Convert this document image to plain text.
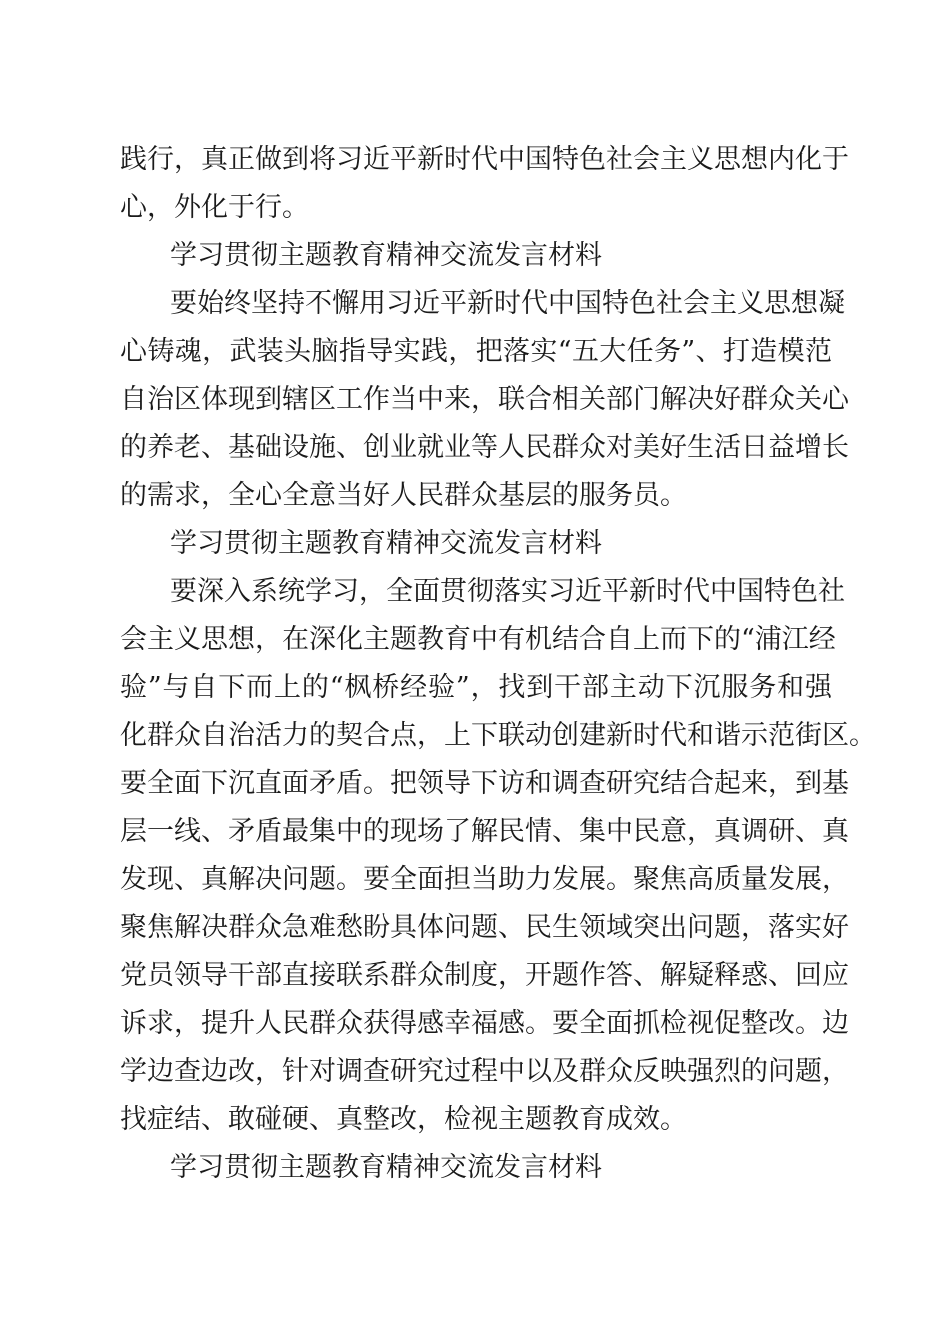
践行，真正做到将习近平新时代中国特色社会主义思想内化于

心，外化于行。

学习贯彻主题教育精神交流发言材料

要始终坚持不懈用习近平新时代中国特色社会主义思想凝

心铸魂，武装头脑指导实践，把落实“五大任务”、打造模范

自治区体现到辖区工作当中来，联合相关部门解决好群众关心

的养老、基础设施、创业就业等人民群众对美好生活日益增长

的需求，全心全意当好人民群众基层的服务员。

学习贯彻主题教育精神交流发言材料

要深入系统学习，全面贯彻落实习近平新时代中国特色社

会主义思想，在深化主题教育中有机结合自上而下的“浦江经

验”与自下而上的“枫桥经验”，找到干部主动下沉服务和强

化群众自治活力的契合点，上下联动创建新时代和谐示范街区。

要全面下沉直面矛盾。把领导下访和调查研究结合起来，到基

层一线、矛盾最集中的现场了解民情、集中民意，真调研、真

发现、真解决问题。要全面担当助力发展。聚焦高质量发展，

聚焦解决群众急难愁盼具体问题、民生领域突出问题，落实好

党员领导干部直接联系群众制度，开题作答、解疑释惑、回应

诉求，提升人民群众获得感幸福感。要全面抓检视促整改。边

学边查边改，针对调查研究过程中以及群众反映强烈的问题，

找症结、敢碰硬、真整改，检视主题教育成效。

学习贯彻主题教育精神交流发言材料
